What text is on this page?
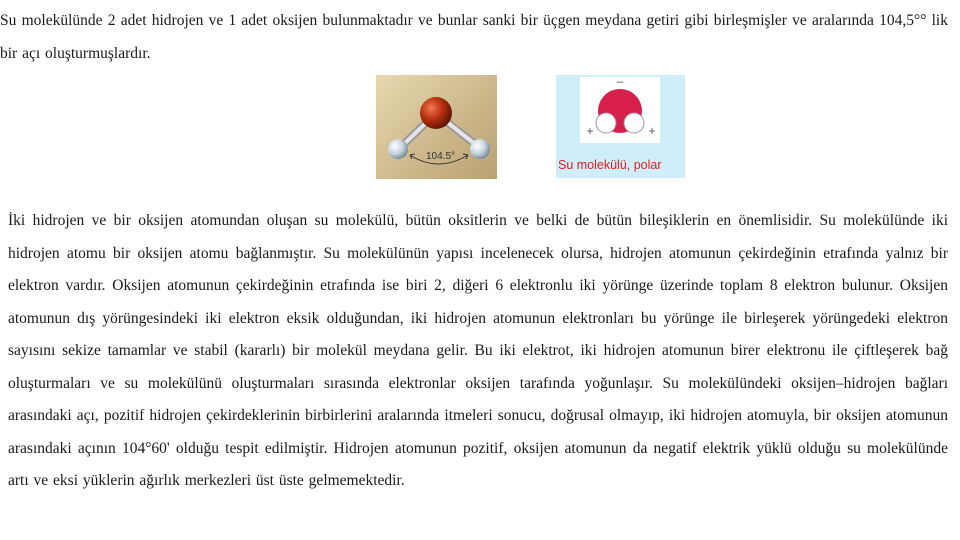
Su molekülünde 2 adet hidrojen ve 1 adet oksijen bulunmaktadır ve bunlar sanki bir üçgen meydana getiri gibi birleşmişler ve aralarında 104,5°° lik bir açı oluşturmuşlardır.
104.5°
–
+	+
Su molekülü, polar
İki hidrojen ve bir oksijen atomundan oluşan su molekülü, bütün oksitlerin ve belki de bütün bileşiklerin en önemlisidir. Su molekülünde iki hidrojen atomu bir oksijen atomu bağlanmıştır. Su molekülünün yapısı incelenecek olursa, hidrojen atomunun çekirdeğinin etrafında yalnız bir elektron vardır. Oksijen atomunun çekirdeğinin etrafında ise biri 2, diğeri 6 elektronlu iki yörünge üzerinde toplam 8 elektron bulunur. Oksijen atomunun dış yörüngesindeki iki elektron eksik olduğundan, iki hidrojen atomunun elektronları bu yörünge ile birleşerek yörüngedeki elektron sayısını sekize tamamlar ve stabil (kararlı) bir molekül meydana gelir. Bu iki elektrot, iki hidrojen atomunun birer elektronu ile çiftleşerek bağ oluşturmaları ve su molekülünü oluşturmaları sırasında elektronlar oksijen tarafında yoğunlaşır. Su molekülündeki oksijen–hidrojen bağları arasındaki açı, pozitif hidrojen çekirdeklerinin birbirlerini aralarında itmeleri sonucu, doğrusal olmayıp, iki hidrojen atomuyla, bir oksijen atomunun arasındaki açının 104°60' olduğu tespit edilmiştir. Hidrojen atomunun pozitif, oksijen atomunun da negatif elektrik yüklü olduğu su molekülünde artı ve eksi yüklerin ağırlık merkezleri üst üste gelmemektedir.
